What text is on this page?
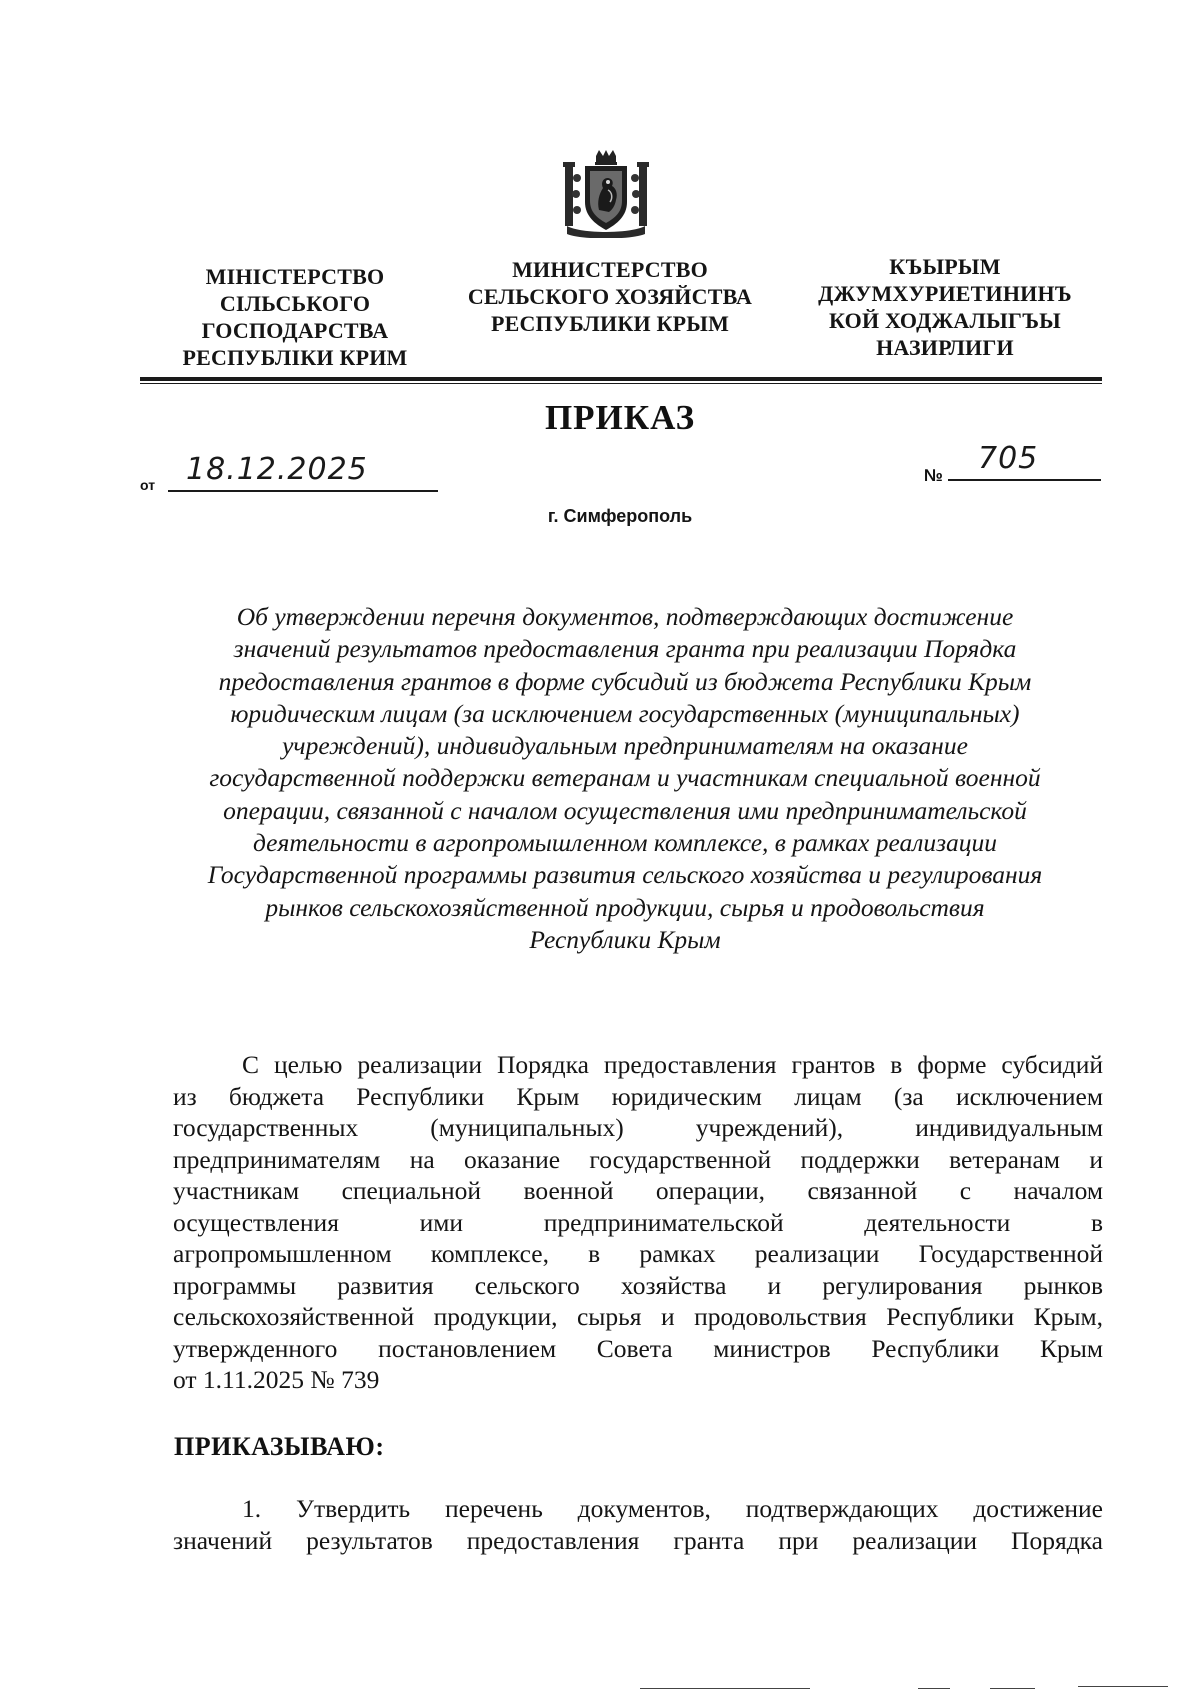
МІНІСТЕРСТВО
СІЛЬСЬКОГО
ГОСПОДАРСТВА
РЕСПУБЛІКИ КРИМ
МИНИСТЕРСТВО
СЕЛЬСКОГО ХОЗЯЙСТВА
РЕСПУБЛИКИ КРЫМ
КЪЫРЫМ
ДЖУМХУРИЕТИНИНЪ
КОЙ ХОДЖАЛЫГЪЫ
НАЗИРЛИГИ
ПРИКАЗ
от 18.12.2025	№ 705
г. Симферополь
Об утверждении перечня документов, подтверждающих достижение
значений результатов предоставления гранта при реализации Порядка
предоставления грантов в форме субсидий из бюджета Республики Крым
юридическим лицам (за исключением государственных (муниципальных)
учреждений), индивидуальным предпринимателям на оказание
государственной поддержки ветеранам и участникам специальной военной
операции, связанной с началом осуществления ими предпринимательской
деятельности в агропромышленном комплексе, в рамках реализации
Государственной программы развития сельского хозяйства и регулирования
рынков сельскохозяйственной продукции, сырья и продовольствия
Республики Крым
С целью реализации Порядка предоставления грантов в форме субсидий
из бюджета Республики Крым юридическим лицам (за исключением
государственных (муниципальных) учреждений), индивидуальным
предпринимателям на оказание государственной поддержки ветеранам и
участникам специальной военной операции, связанной с началом
осуществления ими предпринимательской деятельности в
агропромышленном комплексе, в рамках реализации Государственной
программы развития сельского хозяйства и регулирования рынков
сельскохозяйственной продукции, сырья и продовольствия Республики Крым,
утвержденного постановлением Совета министров Республики Крым
от 1.11.2025 № 739
ПРИКАЗЫВАЮ:
1. Утвердить перечень документов, подтверждающих достижение
значений результатов предоставления гранта при реализации Порядка
